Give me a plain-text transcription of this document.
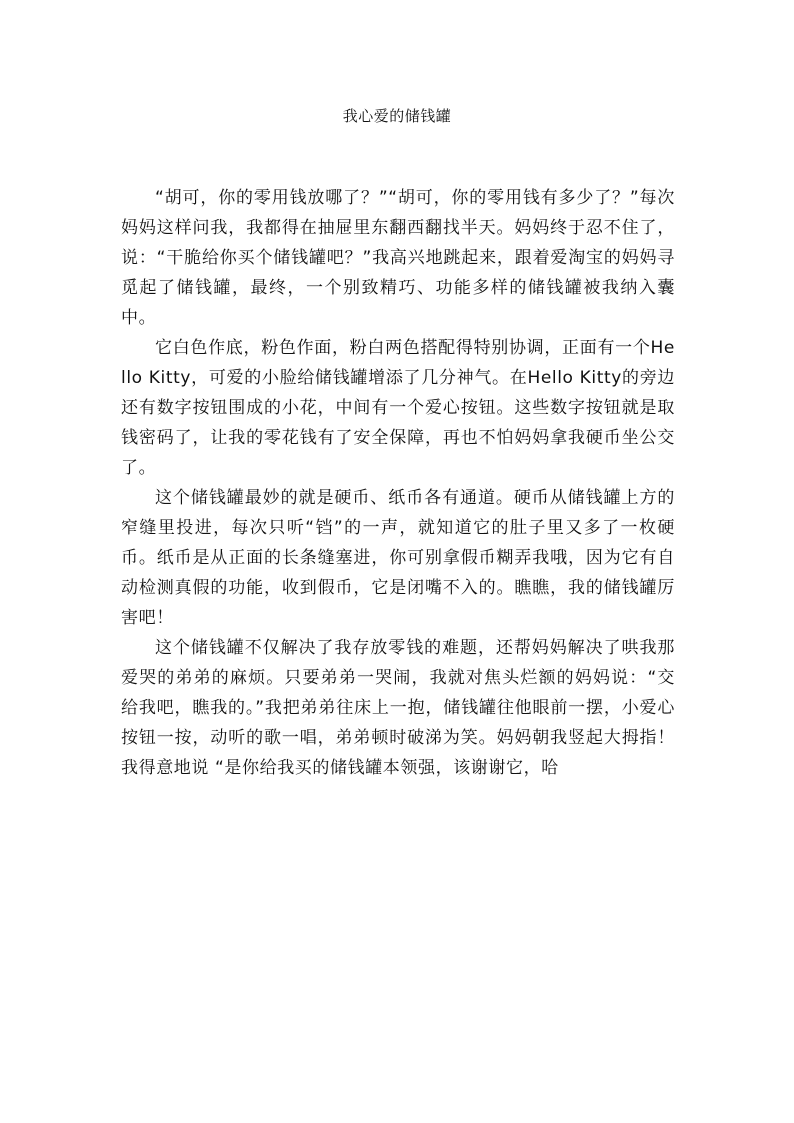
我心爱的储钱罐

“胡可，你的零用钱放哪了？”“胡可，你的零用钱有多少了？”每次妈妈这样问我，我都得在抽屉里东翻西翻找半天。妈妈终于忍不住了，说：“干脆给你买个储钱罐吧？”我高兴地跳起来，跟着爱淘宝的妈妈寻觅起了储钱罐，最终，一个别致精巧、功能多样的储钱罐被我纳入囊中。

它白色作底，粉色作面，粉白两色搭配得特别协调，正面有一个Hello Kitty，可爱的小脸给储钱罐增添了几分神气。在Hello Kitty的旁边还有数字按钮围成的小花，中间有一个爱心按钮。这些数字按钮就是取钱密码了，让我的零花钱有了安全保障，再也不怕妈妈拿我硬币坐公交了。

这个储钱罐最妙的就是硬币、纸币各有通道。硬币从储钱罐上方的窄缝里投进，每次只听“铛”的一声，就知道它的肚子里又多了一枚硬币。纸币是从正面的长条缝塞进，你可别拿假币糊弄我哦，因为它有自动检测真假的功能，收到假币，它是闭嘴不入的。瞧瞧，我的储钱罐厉害吧！

这个储钱罐不仅解决了我存放零钱的难题，还帮妈妈解决了哄我那爱哭的弟弟的麻烦。只要弟弟一哭闹，我就对焦头烂额的妈妈说：“交给我吧，瞧我的。”我把弟弟往床上一抱，储钱罐往他眼前一摆，小爱心按钮一按，动听的歌一唱，弟弟顿时破涕为笑。妈妈朝我竖起大拇指！我得意地说 “是你给我买的储钱罐本领强，该谢谢它，哈
